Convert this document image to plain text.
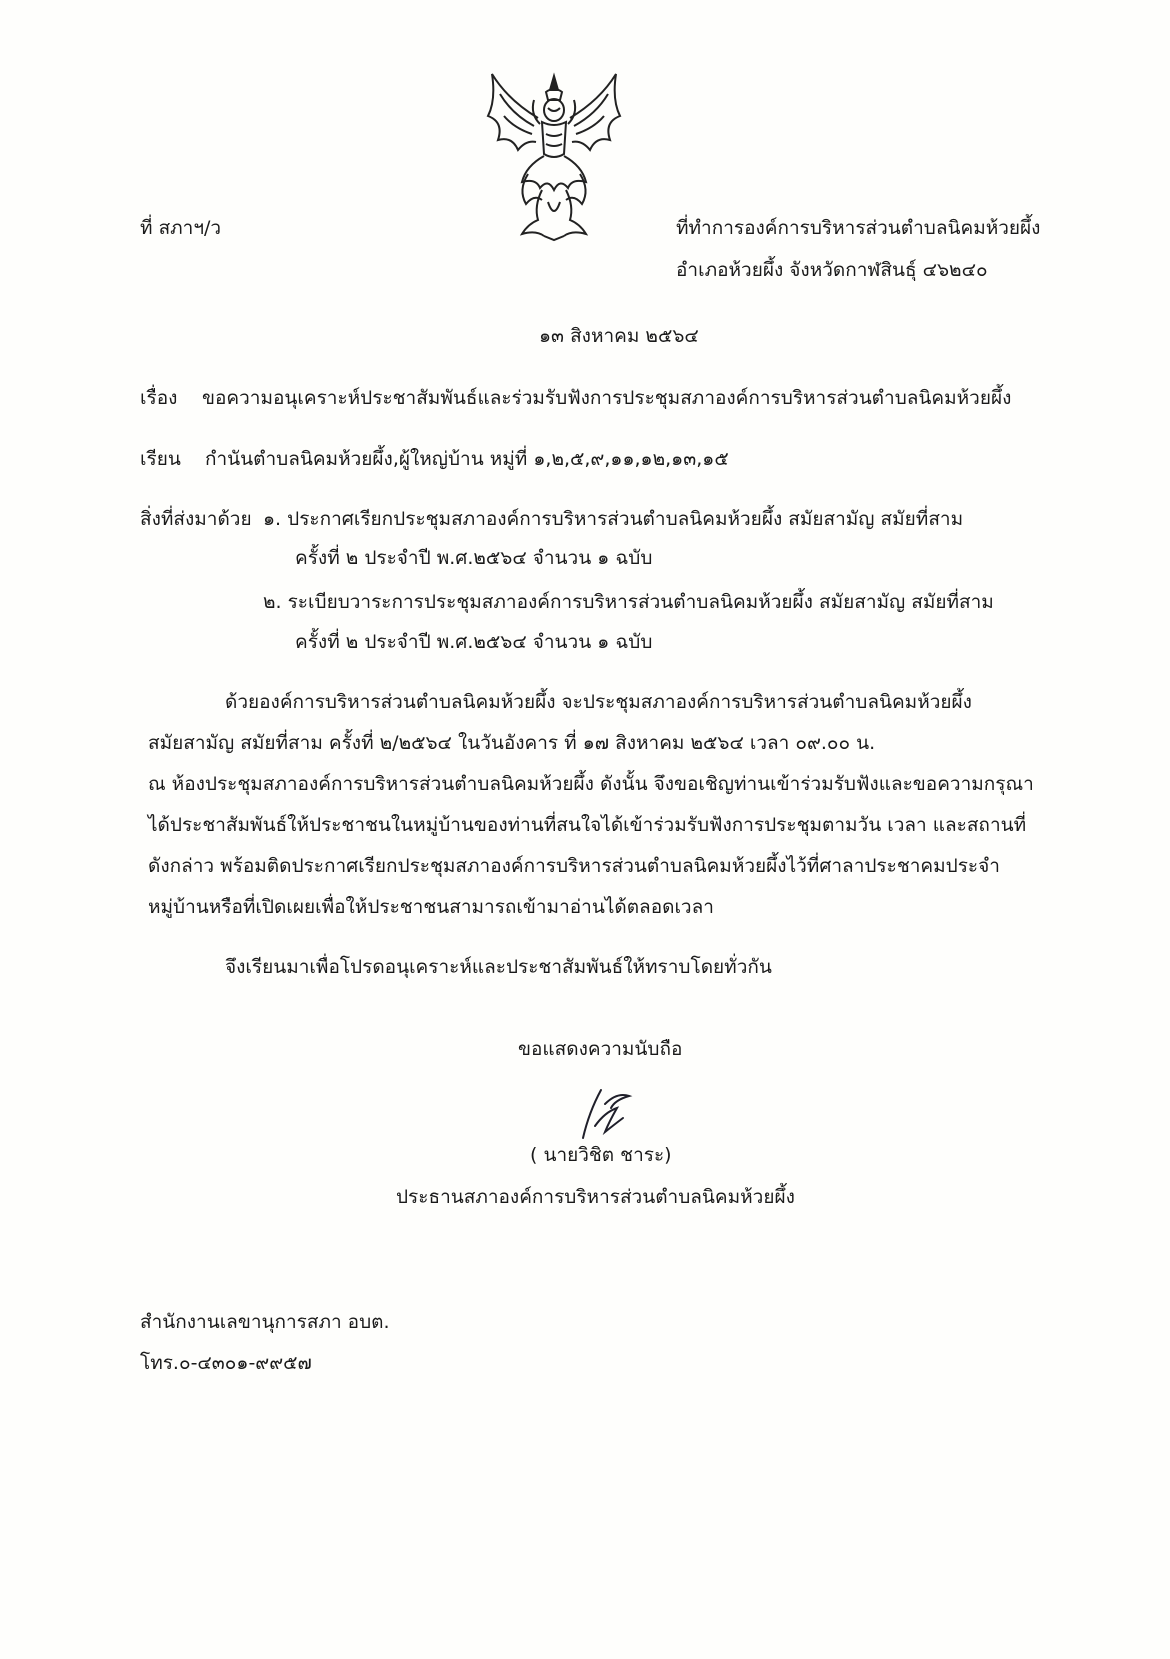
ที่ สภาฯ/ว	ที่ทำการองค์การบริหารส่วนตำบลนิคมห้วยผึ้ง
อำเภอห้วยผึ้ง จังหวัดกาฬสินธุ์ ๔๖๒๔๐
๑๓ สิงหาคม ๒๕๖๔
เรื่อง ขอความอนุเคราะห์ประชาสัมพันธ์และร่วมรับฟังการประชุมสภาองค์การบริหารส่วนตำบลนิคมห้วยผึ้ง
เรียน กำนันตำบลนิคมห้วยผึ้ง,ผู้ใหญ่บ้าน หมู่ที่ ๑,๒,๕,๙,๑๑,๑๒,๑๓,๑๕
สิ่งที่ส่งมาด้วย ๑. ประกาศเรียกประชุมสภาองค์การบริหารส่วนตำบลนิคมห้วยผึ้ง สมัยสามัญ สมัยที่สาม
ครั้งที่ ๒ ประจำปี พ.ศ.๒๕๖๔ จำนวน ๑ ฉบับ
๒. ระเบียบวาระการประชุมสภาองค์การบริหารส่วนตำบลนิคมห้วยผึ้ง สมัยสามัญ สมัยที่สาม
ครั้งที่ ๒ ประจำปี พ.ศ.๒๕๖๔ จำนวน ๑ ฉบับ
ด้วยองค์การบริหารส่วนตำบลนิคมห้วยผึ้ง จะประชุมสภาองค์การบริหารส่วนตำบลนิคมห้วยผึ้ง
สมัยสามัญ สมัยที่สาม ครั้งที่ ๒/๒๕๖๔ ในวันอังคาร ที่ ๑๗ สิงหาคม ๒๕๖๔ เวลา ๐๙.๐๐ น.
ณ ห้องประชุมสภาองค์การบริหารส่วนตำบลนิคมห้วยผึ้ง ดังนั้น จึงขอเชิญท่านเข้าร่วมรับฟังและขอความกรุณา
ได้ประชาสัมพันธ์ให้ประชาชนในหมู่บ้านของท่านที่สนใจได้เข้าร่วมรับฟังการประชุมตามวัน เวลา และสถานที่
ดังกล่าว พร้อมติดประกาศเรียกประชุมสภาองค์การบริหารส่วนตำบลนิคมห้วยผึ้งไว้ที่ศาลาประชาคมประจำ
หมู่บ้านหรือที่เปิดเผยเพื่อให้ประชาชนสามารถเข้ามาอ่านได้ตลอดเวลา
จึงเรียนมาเพื่อโปรดอนุเคราะห์และประชาสัมพันธ์ให้ทราบโดยทั่วกัน
ขอแสดงความนับถือ
( นายวิชิต ชาระ)
ประธานสภาองค์การบริหารส่วนตำบลนิคมห้วยผึ้ง
สำนักงานเลขานุการสภา อบต.
โทร.๐-๔๓๐๑-๙๙๕๗
